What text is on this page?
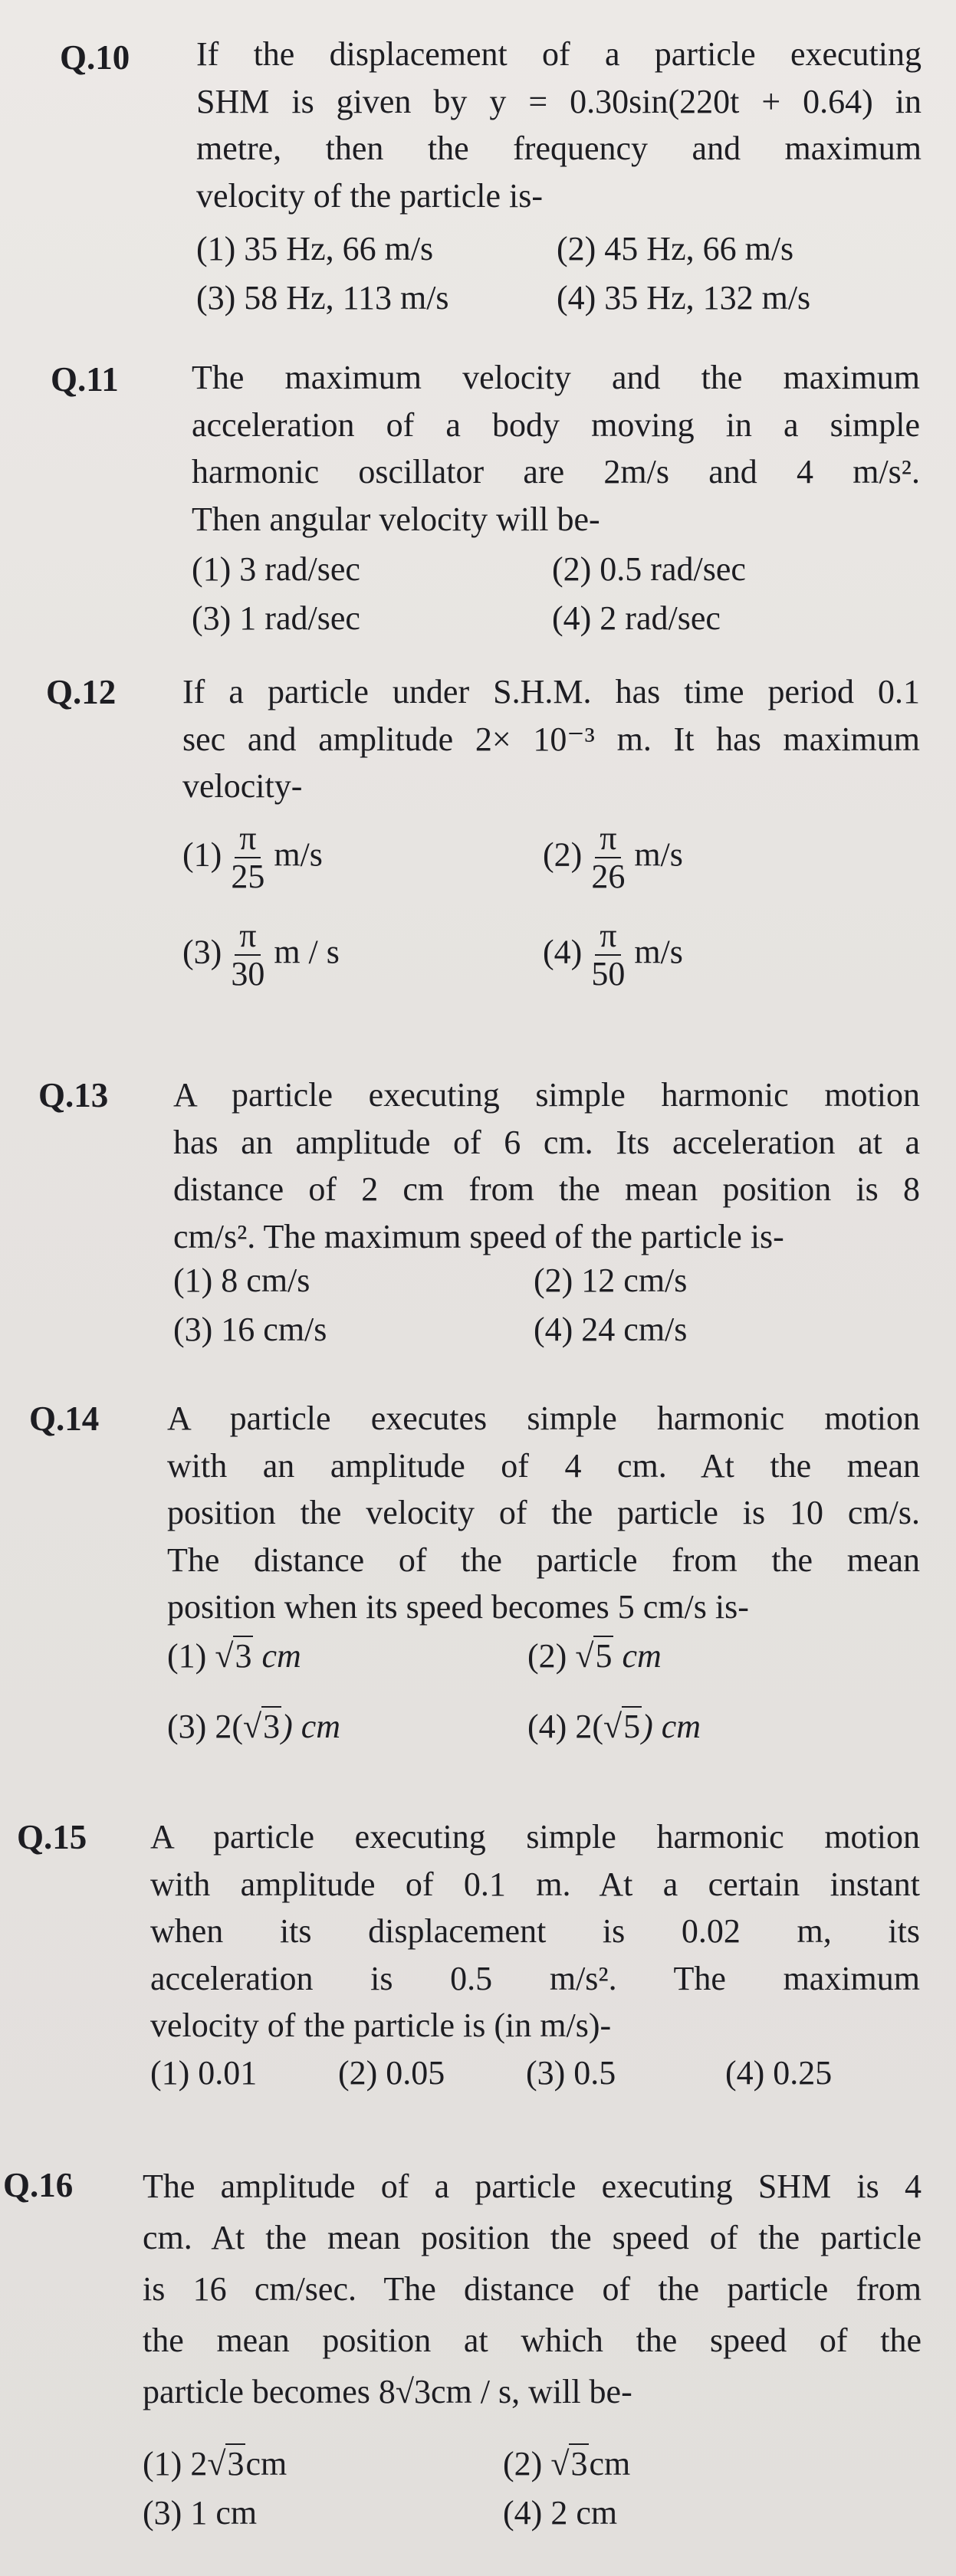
Q.10 If the displacement of a particle executing
SHM is given by y = 0.30sin(220t + 0.64) in
metre, then the frequency and maximum
velocity of the particle is-
(1) 35 Hz, 66 m/s	(2) 45 Hz, 66 m/s
(3) 58 Hz, 113 m/s	(4) 35 Hz, 132 m/s
Q.11 The maximum velocity and the maximum
acceleration of a body moving in a simple
harmonic oscillator are 2m/s and 4 m/s².
Then angular velocity will be-
(1) 3 rad/sec	(2) 0.5 rad/sec
(3) 1 rad/sec	(4) 2 rad/sec
Q.12 If a particle under S.H.M. has time period 0.1
sec and amplitude 2× 10⁻³ m. It has maximum
velocity-
$(1) \frac{\pi}{25} m/s$	$(2) \frac{\pi}{26} m/s$
$(3) \frac{\pi}{30}$ m / s	$(4) \frac{\pi}{50} m/s$
Q.13 A particle executing simple harmonic motion
has an amplitude of 6 cm. Its acceleration at a
distance of 2 cm from the mean position is 8
cm/s². The maximum speed of the particle is-
(1) 8 cm/s	(2) 12 cm/s
(3) 16 cm/s	(4) 24 cm/s
Q.14 A particle executes simple harmonic motion
with an amplitude of 4 cm. At the mean
position the velocity of the particle is 10 cm/s.
The distance of the particle from the mean
position when its speed becomes 5 cm/s is-
(1) √3 cm	(2) √5 cm
(3) 2(√3) cm	(4) 2(√5) cm
Q.15 A particle executing simple harmonic motion
with amplitude of 0.1 m. At a certain instant
when its displacement is 0.02 m, its
acceleration is 0.5 m/s². The maximum
velocity of the particle is (in m/s)-
(1) 0.01	(2) 0.05	(3) 0.5	(4) 0.25
Q.16 The amplitude of a particle executing SHM is 4
cm. At the mean position the speed of the particle
is 16 cm/sec. The distance of the particle from
the mean position at which the speed of the
particle becomes 8√3cm / s, will be-
(1) 2√3cm	(2) √3cm
(3) 1 cm	(4) 2 cm
